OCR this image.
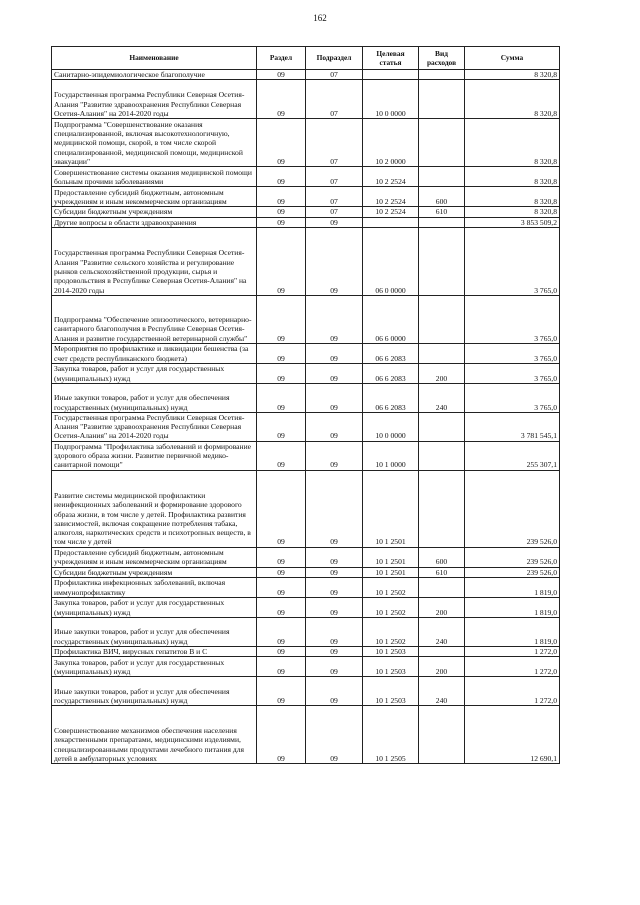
162
Наименование	Раздел	Подраздел	Целевая статья	Вид расходов	Сумма
Санитарно-эпидемиологическое благополучие	09	07			8 320,8
Государственная программа Республики Северная Осетия-Алания "Развитие здравоохранения Республики Северная Осетия-Алания" на 2014-2020 годы	09	07	10 0 0000		8 320,8
Подпрограмма "Совершенствование оказания специализированной, включая высокотехнологичную, медицинской помощи, скорой, в том числе скорой специализированной, медицинской помощи, медицинской эвакуации"	09	07	10 2 0000		8 320,8
Совершенствование системы оказания медицинской помощи больным прочими заболеваниями	09	07	10 2 2524		8 320,8
Предоставление субсидий бюджетным, автономным учреждениям и иным некоммерческим организациям	09	07	10 2 2524	600	8 320,8
Субсидии бюджетным учреждениям	09	07	10 2 2524	610	8 320,8
Другие вопросы в области здравоохранения	09	09			3 853 509,2
Государственная программа Республики Северная Осетия-Алания "Развитие сельского хозяйства и регулирование рынков сельскохозяйственной продукции, сырья и продовольствия в Республике Северная Осетия-Алания" на 2014-2020 годы	09	09	06 0 0000		3 765,0
Подпрограмма "Обеспечение эпизоотического, ветеринарно-санитарного благополучия в Республике Северная Осетия-Алания и развитие государственной ветеринарной службы"	09	09	06 6 0000		3 765,0
Мероприятия по профилактике и ликвидации бешенства (за счет средств республиканского бюджета)	09	09	06 6 2083		3 765,0
Закупка товаров, работ и услуг для государственных (муниципальных) нужд	09	09	06 6 2083	200	3 765,0
Иные закупки товаров, работ и услуг для обеспечения государственных (муниципальных) нужд	09	09	06 6 2083	240	3 765,0
Государственная программа Республики Северная Осетия-Алания "Развитие здравоохранения Республики Северная Осетия-Алания" на 2014-2020 годы	09	09	10 0 0000		3 781 545,1
Подпрограмма "Профилактика заболеваний и формирование здорового образа жизни. Развитие первичной медико-санитарной помощи"	09	09	10 1 0000		255 307,1
Развитие системы медицинской профилактики неинфекционных заболеваний и формирование здорового образа жизни, в том числе у детей. Профилактика развития зависимостей, включая сокращение потребления табака, алкоголя, наркотических средств и психотропных веществ, в том числе у детей	09	09	10 1 2501		239 526,0
Предоставление субсидий бюджетным, автономным учреждениям и иным некоммерческим организациям	09	09	10 1 2501	600	239 526,0
Субсидии бюджетным учреждениям	09	09	10 1 2501	610	239 526,0
Профилактика инфекционных заболеваний, включая иммунопрофилактику	09	09	10 1 2502		1 819,0
Закупка товаров, работ и услуг для государственных (муниципальных) нужд	09	09	10 1 2502	200	1 819,0
Иные закупки товаров, работ и услуг для обеспечения государственных (муниципальных) нужд	09	09	10 1 2502	240	1 819,0
Профилактика ВИЧ, вирусных гепатитов В и С	09	09	10 1 2503		1 272,0
Закупка товаров, работ и услуг для государственных (муниципальных) нужд	09	09	10 1 2503	200	1 272,0
Иные закупки товаров, работ и услуг для обеспечения государственных (муниципальных) нужд	09	09	10 1 2503	240	1 272,0
Совершенствование механизмов обеспечения населения лекарственными препаратами, медицинскими изделиями, специализированными продуктами лечебного питания для детей в амбулаторных условиях	09	09	10 1 2505		12 690,1
